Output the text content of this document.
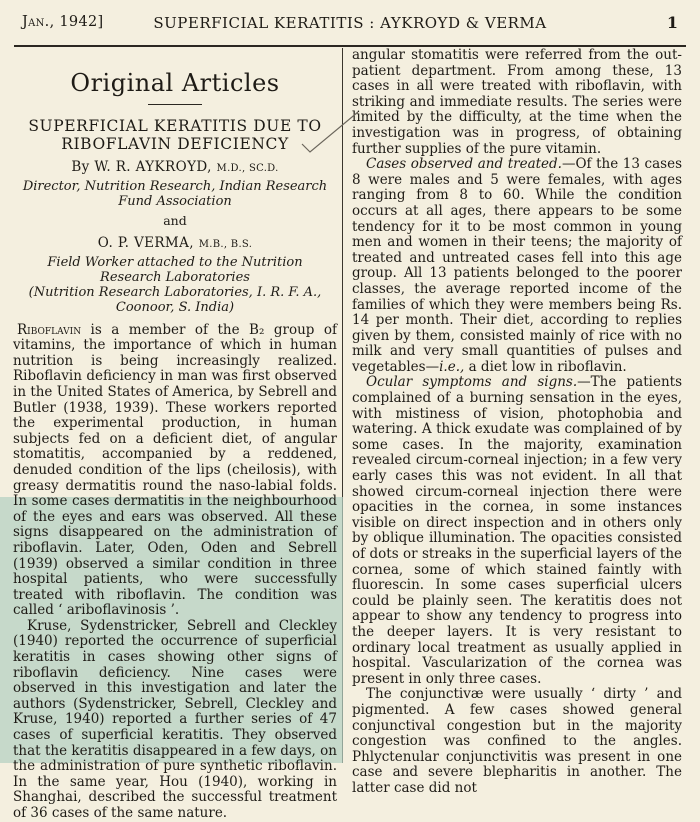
Jan., 1942]	SUPERFICIAL KERATITIS : AYKROYD & VERMA	1
Original Articles
SUPERFICIAL KERATITIS DUE TO
RIBOFLAVIN DEFICIENCY
By W. R. AYKROYD, M.D., SC.D.
Director, Nutrition Research, Indian Research Fund Association
and
O. P. VERMA, M.B., B.S.
Field Worker attached to the Nutrition Research Laboratories
(Nutrition Research Laboratories, I. R. F. A., Coonoor, S. India)

Riboflavin is a member of the B₂ group of vitamins, the importance of which in human nutrition is being increasingly realized. Riboflavin deficiency in man was first observed in the United States of America, by Sebrell and Butler (1938, 1939). These workers reported the experimental production, in human subjects fed on a deficient diet, of angular stomatitis, accompanied by a reddened, denuded condition of the lips (cheilosis), with greasy dermatitis round the naso-labial folds. In some cases dermatitis in the neighbourhood of the eyes and ears was observed. All these signs disappeared on the administration of riboflavin. Later, Oden, Oden and Sebrell (1939) observed a similar condition in three hospital patients, who were successfully treated with riboflavin. The condition was called ‘ ariboflavinosis ’.

Kruse, Sydenstricker, Sebrell and Cleckley (1940) reported the occurrence of superficial keratitis in cases showing other signs of riboflavin deficiency. Nine cases were observed in this investigation and later the authors (Sydenstricker, Sebrell, Cleckley and Kruse, 1940) reported a further series of 47 cases of superficial keratitis. They observed that the keratitis disappeared in a few days, on the administration of pure synthetic riboflavin. In the same year, Hou (1940), working in Shanghai, described the successful treatment of 36 cases of the same nature.

angular stomatitis were referred from the out-patient department. From among these, 13 cases in all were treated with riboflavin, with striking and immediate results. The series were limited by the difficulty, at the time when the investigation was in progress, of obtaining further supplies of the pure vitamin.

Cases observed and treated.—Of the 13 cases 8 were males and 5 were females, with ages ranging from 8 to 60. While the condition occurs at all ages, there appears to be some tendency for it to be most common in young men and women in their teens; the majority of treated and untreated cases fell into this age group. All 13 patients belonged to the poorer classes, the average reported income of the families of which they were members being Rs. 14 per month. Their diet, according to replies given by them, consisted mainly of rice with no milk and very small quantities of pulses and vegetables—i.e., a diet low in riboflavin.

Ocular symptoms and signs.—The patients complained of a burning sensation in the eyes, with mistiness of vision, photophobia and watering. A thick exudate was complained of by some cases. In the majority, examination revealed circum-corneal injection; in a few very early cases this was not evident. In all that showed circum-corneal injection there were opacities in the cornea, in some instances visible on direct inspection and in others only by oblique illumination. The opacities consisted of dots or streaks in the superficial layers of the cornea, some of which stained faintly with fluorescin. In some cases superficial ulcers could be plainly seen. The keratitis does not appear to show any tendency to progress into the deeper layers. It is very resistant to ordinary local treatment as usually applied in hospital. Vascularization of the cornea was present in only three cases.

The conjunctivæ were usually ‘ dirty ’ and pigmented. A few cases showed general conjunctival congestion but in the majority congestion was confined to the angles. Phlyctenular conjunctivitis was present in one case and severe blepharitis in another. The latter case did not
